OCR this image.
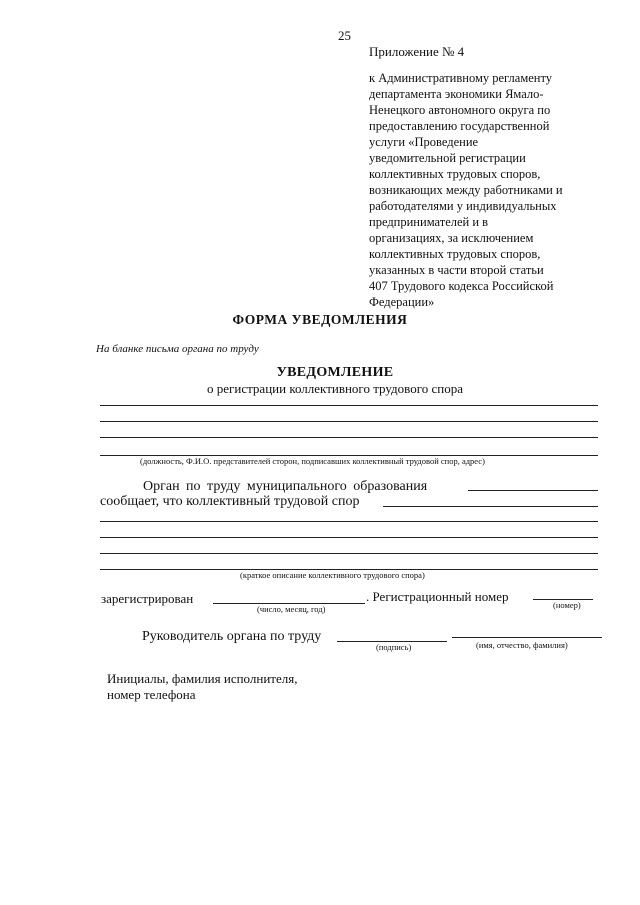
25
Приложение № 4
к Административному регламенту
департамента экономики Ямало-
Ненецкого автономного округа по
предоставлению государственной
услуги «Проведение
уведомительной регистрации
коллективных трудовых споров,
возникающих между работниками и
работодателями у индивидуальных
предпринимателей и в
организациях, за исключением
коллективных трудовых споров,
указанных в части второй статьи
407 Трудового кодекса Российской
Федерации»
ФОРМА УВЕДОМЛЕНИЯ
На бланке письма органа по труду
УВЕДОМЛЕНИЕ
о регистрации коллективного трудового спора
(должность, Ф.И.О. представителей сторон, подписавших коллективный трудовой спор, адрес)
Орган по труду муниципального образования
сообщает, что коллективный трудовой спор
(краткое описание коллективного трудового спора)
зарегистрирован
(число, месяц, год)
. Регистрационный номер
(номер)
Руководитель органа по труду
(подпись)	(имя, отчество, фамилия)
Инициалы, фамилия исполнителя,
номер телефона
